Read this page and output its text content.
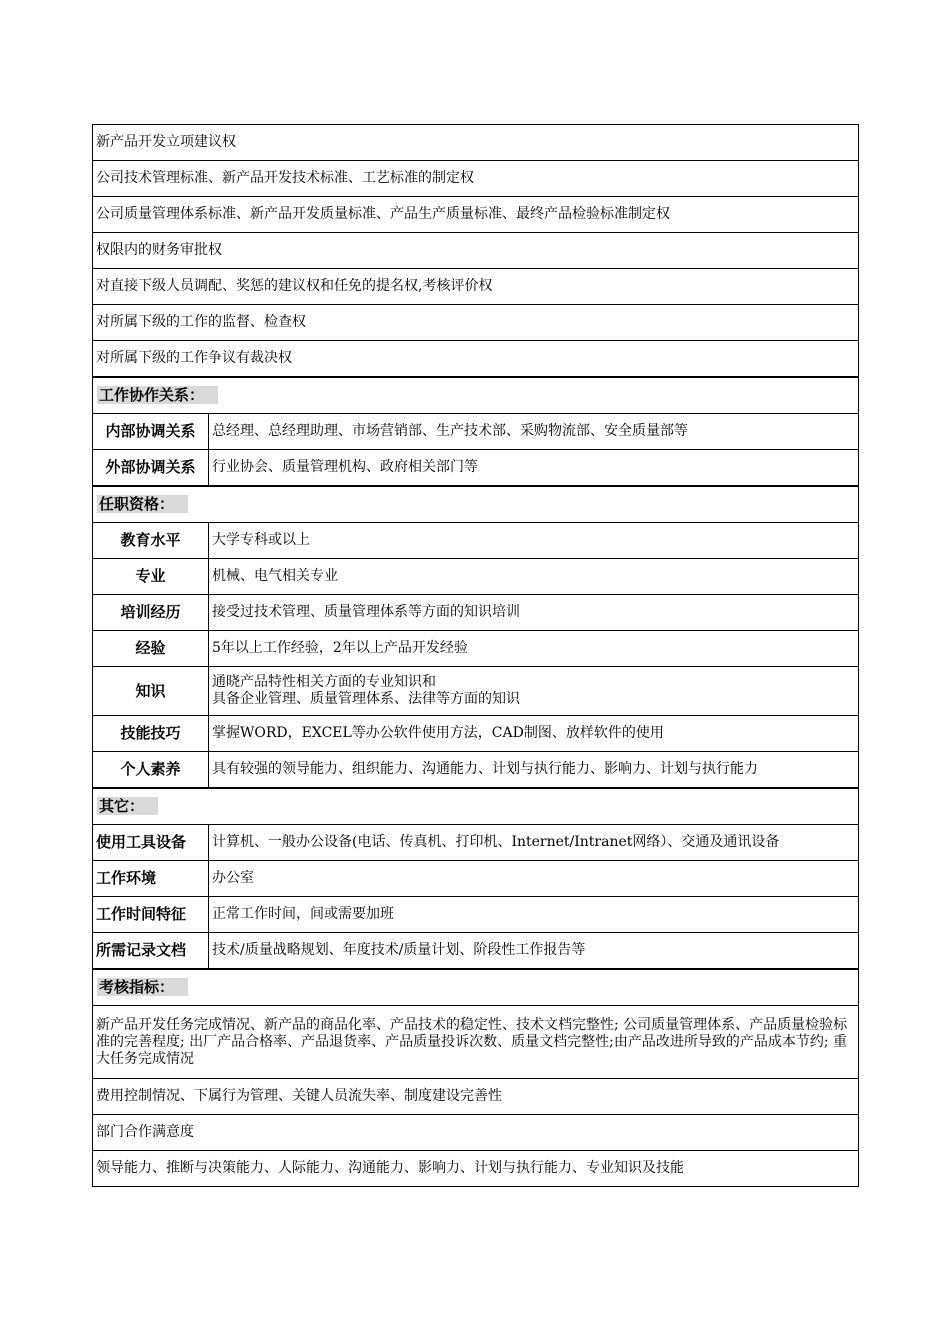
新产品开发立项建议权	
公司技术管理标准、新产品开发技术标准、工艺标准的制定权	
公司质量管理体系标准、新产品开发质量标准、产品生产质量标准、最终产品检验标准制定权	
权限内的财务审批权	
对直接下级人员调配、奖惩的建议权和任免的提名权,考核评价权	
对所属下级的工作的监督、检查权	
对所属下级的工作争议有裁决权	
工作协作关系：	
内部协调关系	总经理、总经理助理、市场营销部、生产技术部、采购物流部、安全质量部等
外部协调关系	行业协会、质量管理机构、政府相关部门等
任职资格：	
教育水平	大学专科或以上
专业	机械、电气相关专业
培训经历	接受过技术管理、质量管理体系等方面的知识培训
经验	5年以上工作经验，2年以上产品开发经验
知识	通晓产品特性相关方面的专业知识和
具备企业管理、质量管理体系、法律等方面的知识

技能技巧	掌握WORD，EXCEL等办公软件使用方法，CAD制图、放样软件的使用
个人素养	具有较强的领导能力、组织能力、沟通能力、计划与执行能力、影响力、计划与执行能力
其它：	
使用工具设备	计算机、一般办公设备(电话、传真机、打印机、Internet/Intranet网络）、交通及通讯设备
工作环境	办公室
工作时间特征	正常工作时间，间或需要加班
所需记录文档	技术/质量战略规划、年度技术/质量计划、阶段性工作报告等
考核指标：	
新产品开发任务完成情况、新产品的商品化率、产品技术的稳定性、技术文档完整性; 公司质量管理体系、产品质量检验标准的完善程度; 出厂产品合格率、产品退货率、产品质量投诉次数、质量文档完整性;由产品改进所导致的产品成本节约; 重大任务完成情况	
费用控制情况、下属行为管理、关键人员流失率、制度建设完善性	
部门合作满意度	
领导能力、推断与决策能力、人际能力、沟通能力、影响力、计划与执行能力、专业知识及技能	
